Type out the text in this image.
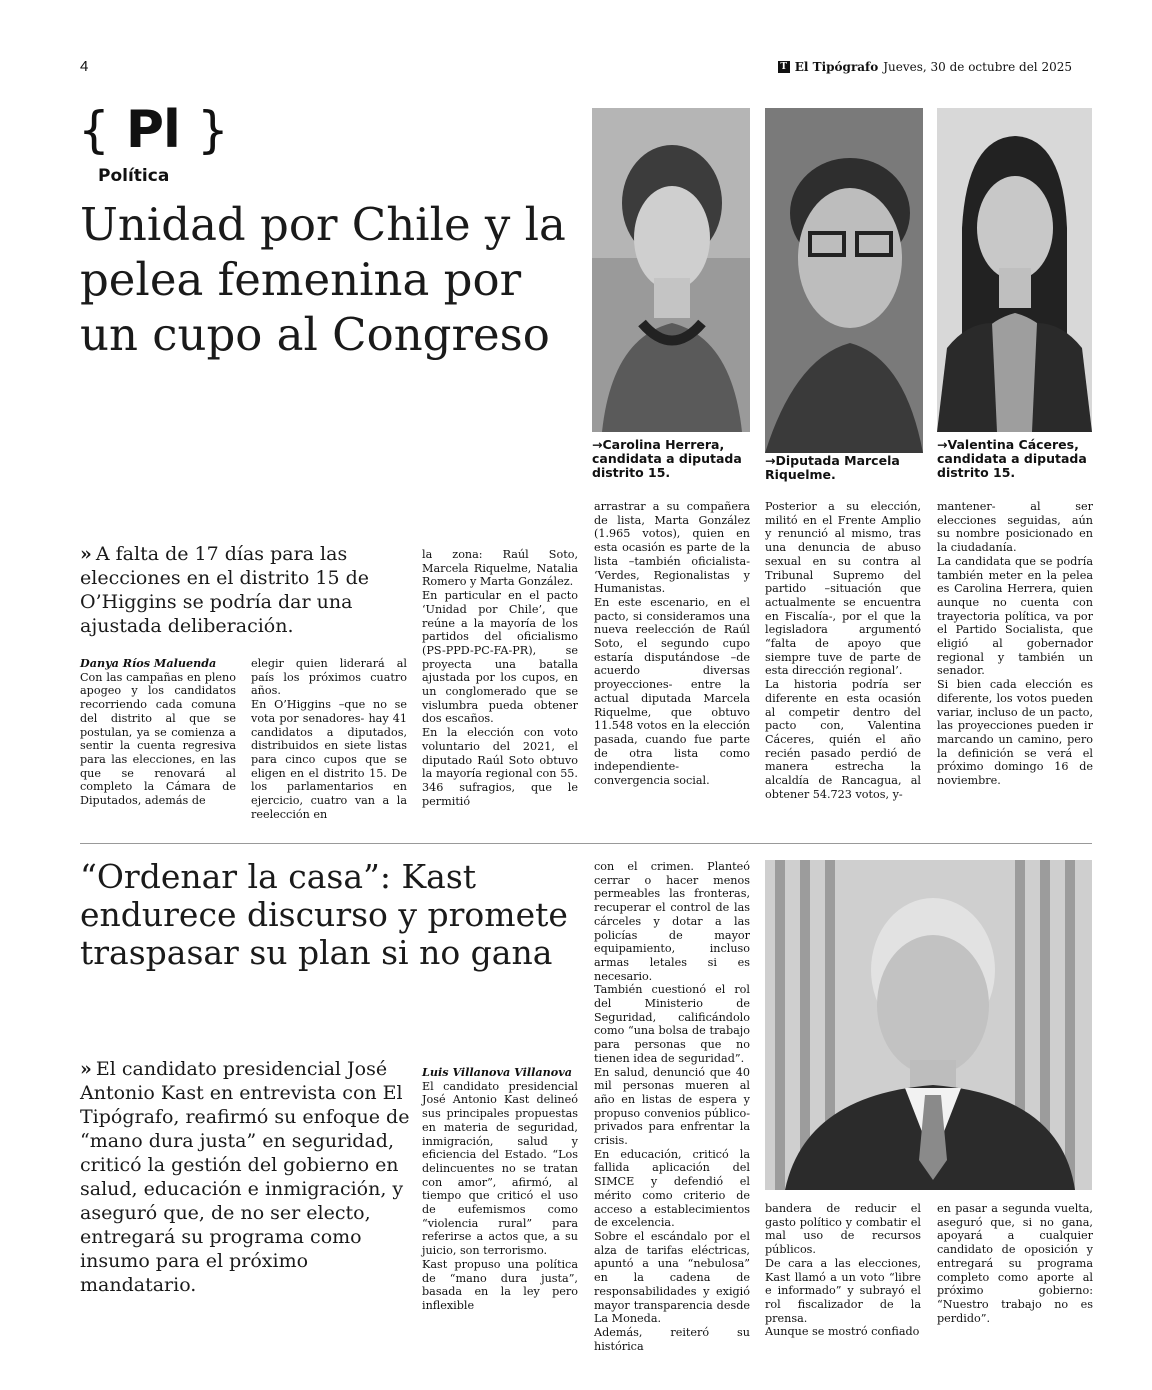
4	T El Tipógrafo Jueves, 30 de octubre del 2025
{ Pl }
Política
Unidad por Chile y la pelea femenina por un cupo al Congreso
→Carolina Herrera, candidata a diputada distrito 15.
→Diputada Marcela Riquelme.
→Valentina Cáceres, candidata a diputada distrito 15.
» A falta de 17 días para las elecciones en el distrito 15 de O’Higgins se podría dar una ajustada deliberación.

Danya Ríos Maluenda

Con las campañas en pleno apogeo y los candidatos recorriendo cada comuna del distrito al que se postulan, ya se comienza a sentir la cuenta regresiva para las elecciones, en las que se renovará al completo la Cámara de Diputados, además de

elegir quien liderará al país los próximos cuatro años.

En O’Higgins –que no se vota por senadores- hay 41 candidatos a diputados, distribuidos en siete listas para cinco cupos que se eligen en el distrito 15. De los parlamentarios en ejercicio, cuatro van a la reelección en

la zona: Raúl Soto, Marcela Riquelme, Natalia Romero y Marta González.

En particular en el pacto ‘Unidad por Chile’, que reúne a la mayoría de los partidos del oficialismo (PS-PPD-PC-FA-PR), se proyecta una batalla ajustada por los cupos, en un conglomerado que se vislumbra pueda obtener dos escaños.

En la elección con voto voluntario del 2021, el diputado Raúl Soto obtuvo la mayoría regional con 55. 346 sufragios, que le permitió

arrastrar a su compañera de lista, Marta González (1.965 votos), quien en esta ocasión es parte de la lista –también oficialista- ‘Verdes, Regionalistas y Humanistas.

En este escenario, en el pacto, si consideramos una nueva reelección de Raúl Soto, el segundo cupo estaría disputándose –de acuerdo diversas proyecciones- entre la actual diputada Marcela Riquelme, que obtuvo 11.548 votos en la elección pasada, cuando fue parte de otra lista como independiente-convergencia social.

Posterior a su elección, militó en el Frente Amplio y renunció al mismo, tras una denuncia de abuso sexual en su contra al Tribunal Supremo del partido –situación que actualmente se encuentra en Fiscalía-, por el que la legisladora argumentó “falta de apoyo que siempre tuve de parte de esta dirección regional’.

La historia podría ser diferente en esta ocasión al competir dentro del pacto con, Valentina Cáceres, quién el año recién pasado perdió de manera estrecha la alcaldía de Rancagua, al obtener 54.723 votos, y-

mantener- al ser elecciones seguidas, aún su nombre posicionado en la ciudadanía.

La candidata que se podría también meter en la pelea es Carolina Herrera, quien aunque no cuenta con trayectoria política, va por el Partido Socialista, que eligió al gobernador regional y también un senador.

Si bien cada elección es diferente, los votos pueden variar, incluso de un pacto, las proyecciones pueden ir marcando un camino, pero la definición se verá el próximo domingo 16 de noviembre.

“Ordenar la casa”: Kast endurece discurso y promete traspasar su plan si no gana
» El candidato presidencial José Antonio Kast en entrevista con El Tipógrafo, reafirmó su enfoque de “mano dura justa” en seguridad, criticó la gestión del gobierno en salud, educación e inmigración, y aseguró que, de no ser electo, entregará su programa como insumo para el próximo mandatario.

Luis Villanova Villanova

El candidato presidencial José Antonio Kast delineó sus principales propuestas en materia de seguridad, inmigración, salud y eficiencia del Estado. “Los delincuentes no se tratan con amor”, afirmó, al tiempo que criticó el uso de eufemismos como “violencia rural” para referirse a actos que, a su juicio, son terrorismo.

Kast propuso una política de “mano dura justa”, basada en la ley pero inflexible

con el crimen. Planteó cerrar o hacer menos permeables las fronteras, recuperar el control de las cárceles y dotar a las policías de mayor equipamiento, incluso armas letales si es necesario.

También cuestionó el rol del Ministerio de Seguridad, calificándolo como “una bolsa de trabajo para personas que no tienen idea de seguridad”.

En salud, denunció que 40 mil personas mueren al año en listas de espera y propuso convenios público-privados para enfrentar la crisis.

En educación, criticó la fallida aplicación del SIMCE y defendió el mérito como criterio de acceso a establecimientos de excelencia.

Sobre el escándalo por el alza de tarifas eléctricas, apuntó a una “nebulosa” en la cadena de responsabilidades y exigió mayor transparencia desde La Moneda.

Además, reiteró su histórica

bandera de reducir el gasto político y combatir el mal uso de recursos públicos.

De cara a las elecciones, Kast llamó a un voto “libre e informado” y subrayó el rol fiscalizador de la prensa.

Aunque se mostró confiado

en pasar a segunda vuelta, aseguró que, si no gana, apoyará a cualquier candidato de oposición y entregará su programa completo como aporte al próximo gobierno: “Nuestro trabajo no es perdido”.
